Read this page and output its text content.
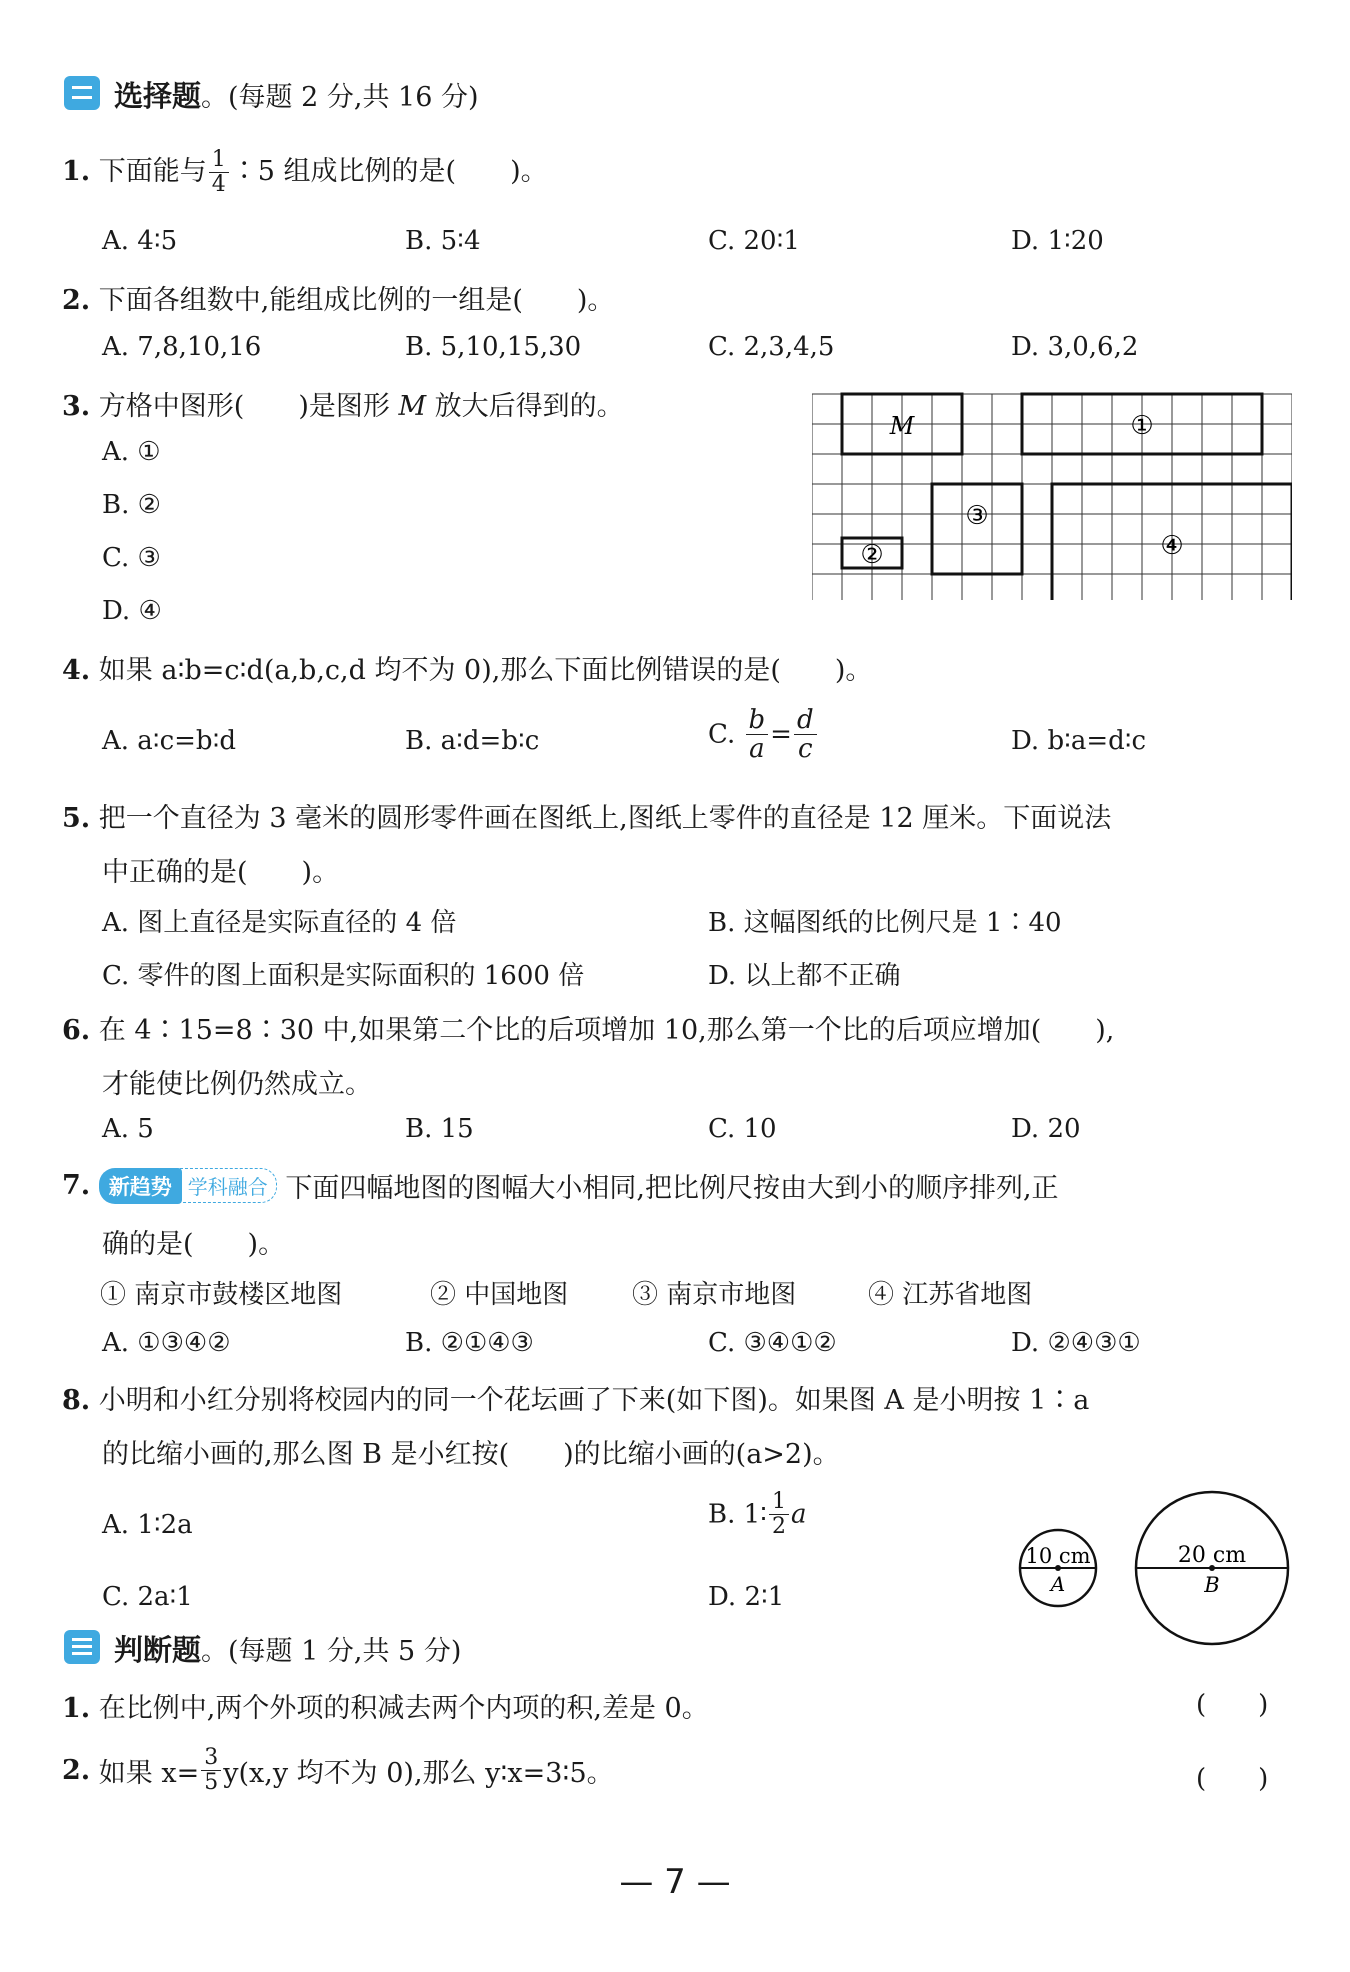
选择题。(每题 2 分,共 16 分)
1. 下面能与 $\frac{1}{4}$ ∶5 组成比例的是(　　)。
A. 4∶5	B. 5∶4	C. 20∶1	D. 1∶20
2. 下面各组数中,能组成比例的一组是(　　)。
A. 7,8,10,16	B. 5,10,15,30	C. 2,3,4,5	D. 3,0,6,2
3. 方格中图形(　　)是图形 M 放大后得到的。
A. ①
B. ②
C. ③
D. ④
M	①
②
③
④
4. 如果 a∶b=c∶d(a,b,c,d 均不为 0),那么下面比例错误的是(　　)。
A. a∶c=b∶d	B. a∶d=b∶c	C. $\frac{b}{a} = \frac{d}{c}$	D. b∶a=d∶c
5. 把一个直径为 3 毫米的圆形零件画在图纸上,图纸上零件的直径是 12 厘米。下面说法
中正确的是(　　)。
A. 图上直径是实际直径的 4 倍	B. 这幅图纸的比例尺是 1∶40
C. 零件的图上面积是实际面积的 1600 倍	D. 以上都不正确
6. 在 4∶15=8∶30 中,如果第二个比的后项增加 10,那么第一个比的后项应增加(　　),
才能使比例仍然成立。
A. 5	B. 15	C. 10	D. 20
7. 新趋势 学科融合 下面四幅地图的图幅大小相同,把比例尺按由大到小的顺序排列,正
确的是(　　)。
① 南京市鼓楼区地图	② 中国地图 ③ 南京市地图	④ 江苏省地图
A. ①③④②	B. ②①④③	C. ③④①②	D. ②④③①
8. 小明和小红分别将校园内的同一个花坛画了下来(如下图)。如果图 A 是小明按 1∶a
的比缩小画的,那么图 B 是小红按(　　)的比缩小画的(a>2)。
A. 1∶2a	B. 1∶ $\frac{1}{2}$ a
C. 2a∶1	D. 2∶1
10 cm
A
20 cm
B
判断题。(每题 1 分,共 5 分)
1. 在比例中,两个外项的积减去两个内项的积,差是 0。	(　　)
2. 如果 $x= \frac{3}{5} y(x,y$ 均不为 0),那么 y∶x=3∶5。	(　　)
— 7 —
